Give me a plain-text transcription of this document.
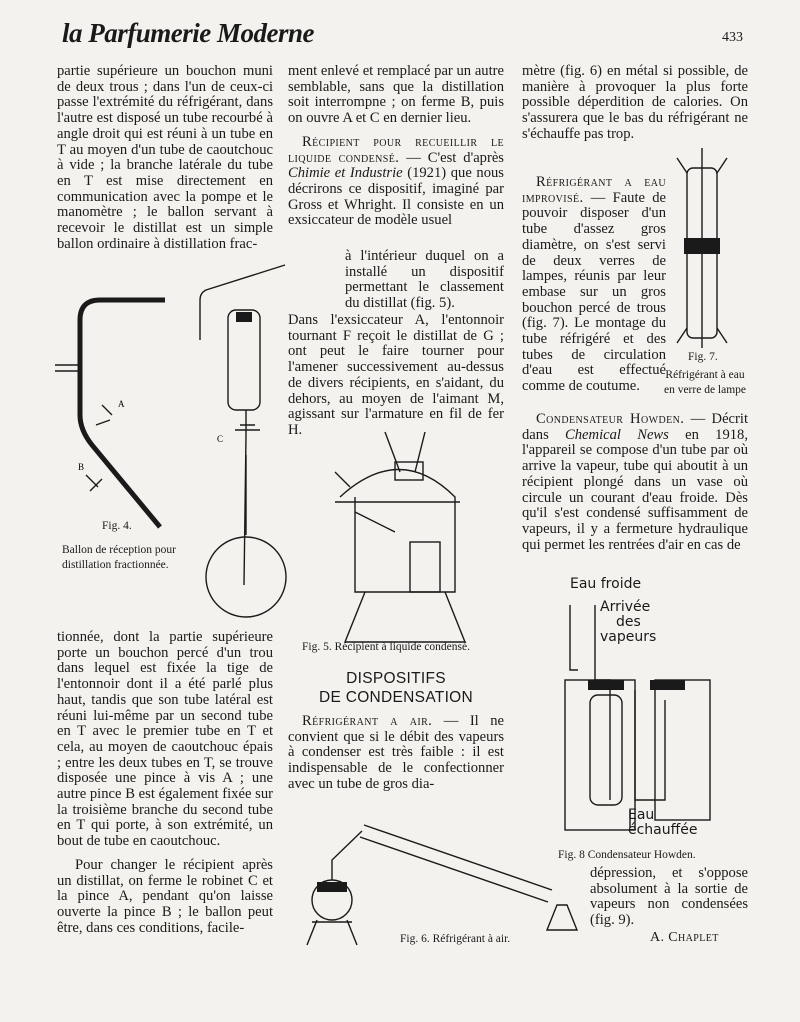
la Parfumerie Moderne	433

partie supérieure un bouchon muni de deux trous ; dans l'un de ceux-ci passe l'extrémité du réfrigérant, dans l'autre est disposé un tube recourbé à angle droit qui est réuni à un tube en T au moyen d'un tube de caoutchouc à vide ; la branche latérale du tube en T est mise directement en communication avec la pompe et le manomètre ; le ballon servant à recevoir le distillat est un simple ballon ordinaire à distillation frac-

tionnée, dont la partie supérieure porte un bouchon percé d'un trou dans lequel est fixée la tige de l'entonnoir dont il a été parlé plus haut, tandis que son tube latéral est réuni lui-même par un second tube en T avec le premier tube en T et cela, au moyen de caoutchouc épais ; entre les deux tubes en T, se trouve disposée une pince à vis A ; une autre pince B est également fixée sur la troisième branche du second tube en T qui porte, à son extrémité, un bout de tube en caoutchouc.

Pour changer le récipient après un distillat, on ferme le robinet C et la pince A, pendant qu'on laisse ouverte la pince B ; le ballon peut être, dans ces conditions, facile-

ment enlevé et remplacé par un autre semblable, sans que la distillation soit interrompne ; on ferme B, puis on ouvre A et C en dernier lieu.

Récipient pour recueillir le liquide condensé. — C'est d'après Chimie et Industrie (1921) que nous décrirons ce dispositif, imaginé par Gross et Whright. Il consiste en un exsiccateur de modèle usuel

à l'intérieur duquel on a installé un dispositif permettant le classement du distillat (fig. 5).

Dans l'exsiccateur A, l'entonnoir tournant F reçoit le distillat de G ; ont peut le faire tourner pour l'amener successivement au-dessus de divers récipients, en s'aidant, du dehors, au moyen de l'aimant M, agissant sur l'armature en fil de fer H.

DISPOSITIFS
DE CONDENSATION

Réfrigérant a air. — Il ne convient que si le débit des vapeurs à condenser est très faible : il est indispensable de le confectionner avec un tube de gros dia-

mètre (fig. 6) en métal si possible, de manière à provoquer la plus forte possible déperdition de calories. On s'assurera que le bas du réfrigérant ne s'échauffe pas trop.

Réfrigérant a eau improvisé. — Faute de pouvoir disposer d'un tube d'assez gros diamètre, on s'est servi de deux verres de lampes, réunis par leur embase sur un gros bouchon percé de trous (fig. 7). Le montage du tube réfrigéré et des tubes de circulation d'eau est effectué comme de coutume.

Condensateur Howden. — Décrit dans Chemical News en 1918, l'appareil se compose d'un tube par où arrive la vapeur, tube qui aboutit à un récipient plongé dans un vase où circule un courant d'eau froide. Dès qu'il s'est condensé suffisamment de vapeurs, il y a fermeture hydraulique qui permet les rentrées d'air en cas de

dépression, et s'oppose absolument à la sortie de vapeurs non condensées (fig. 9).

A. Chaplet
A
B
C
Fig. 4.
Ballon de réception pour distillation fractionnée.
Fig. 5. Récipient à liquide condensé.
Fig. 6. Réfrigérant à air.
Fig. 7.
Réfrigérant à eau en verre de lampe
Eau froide
Arrivée
des
vapeurs
Eau
échauffée
Fig. 8 Condensateur Howden.
